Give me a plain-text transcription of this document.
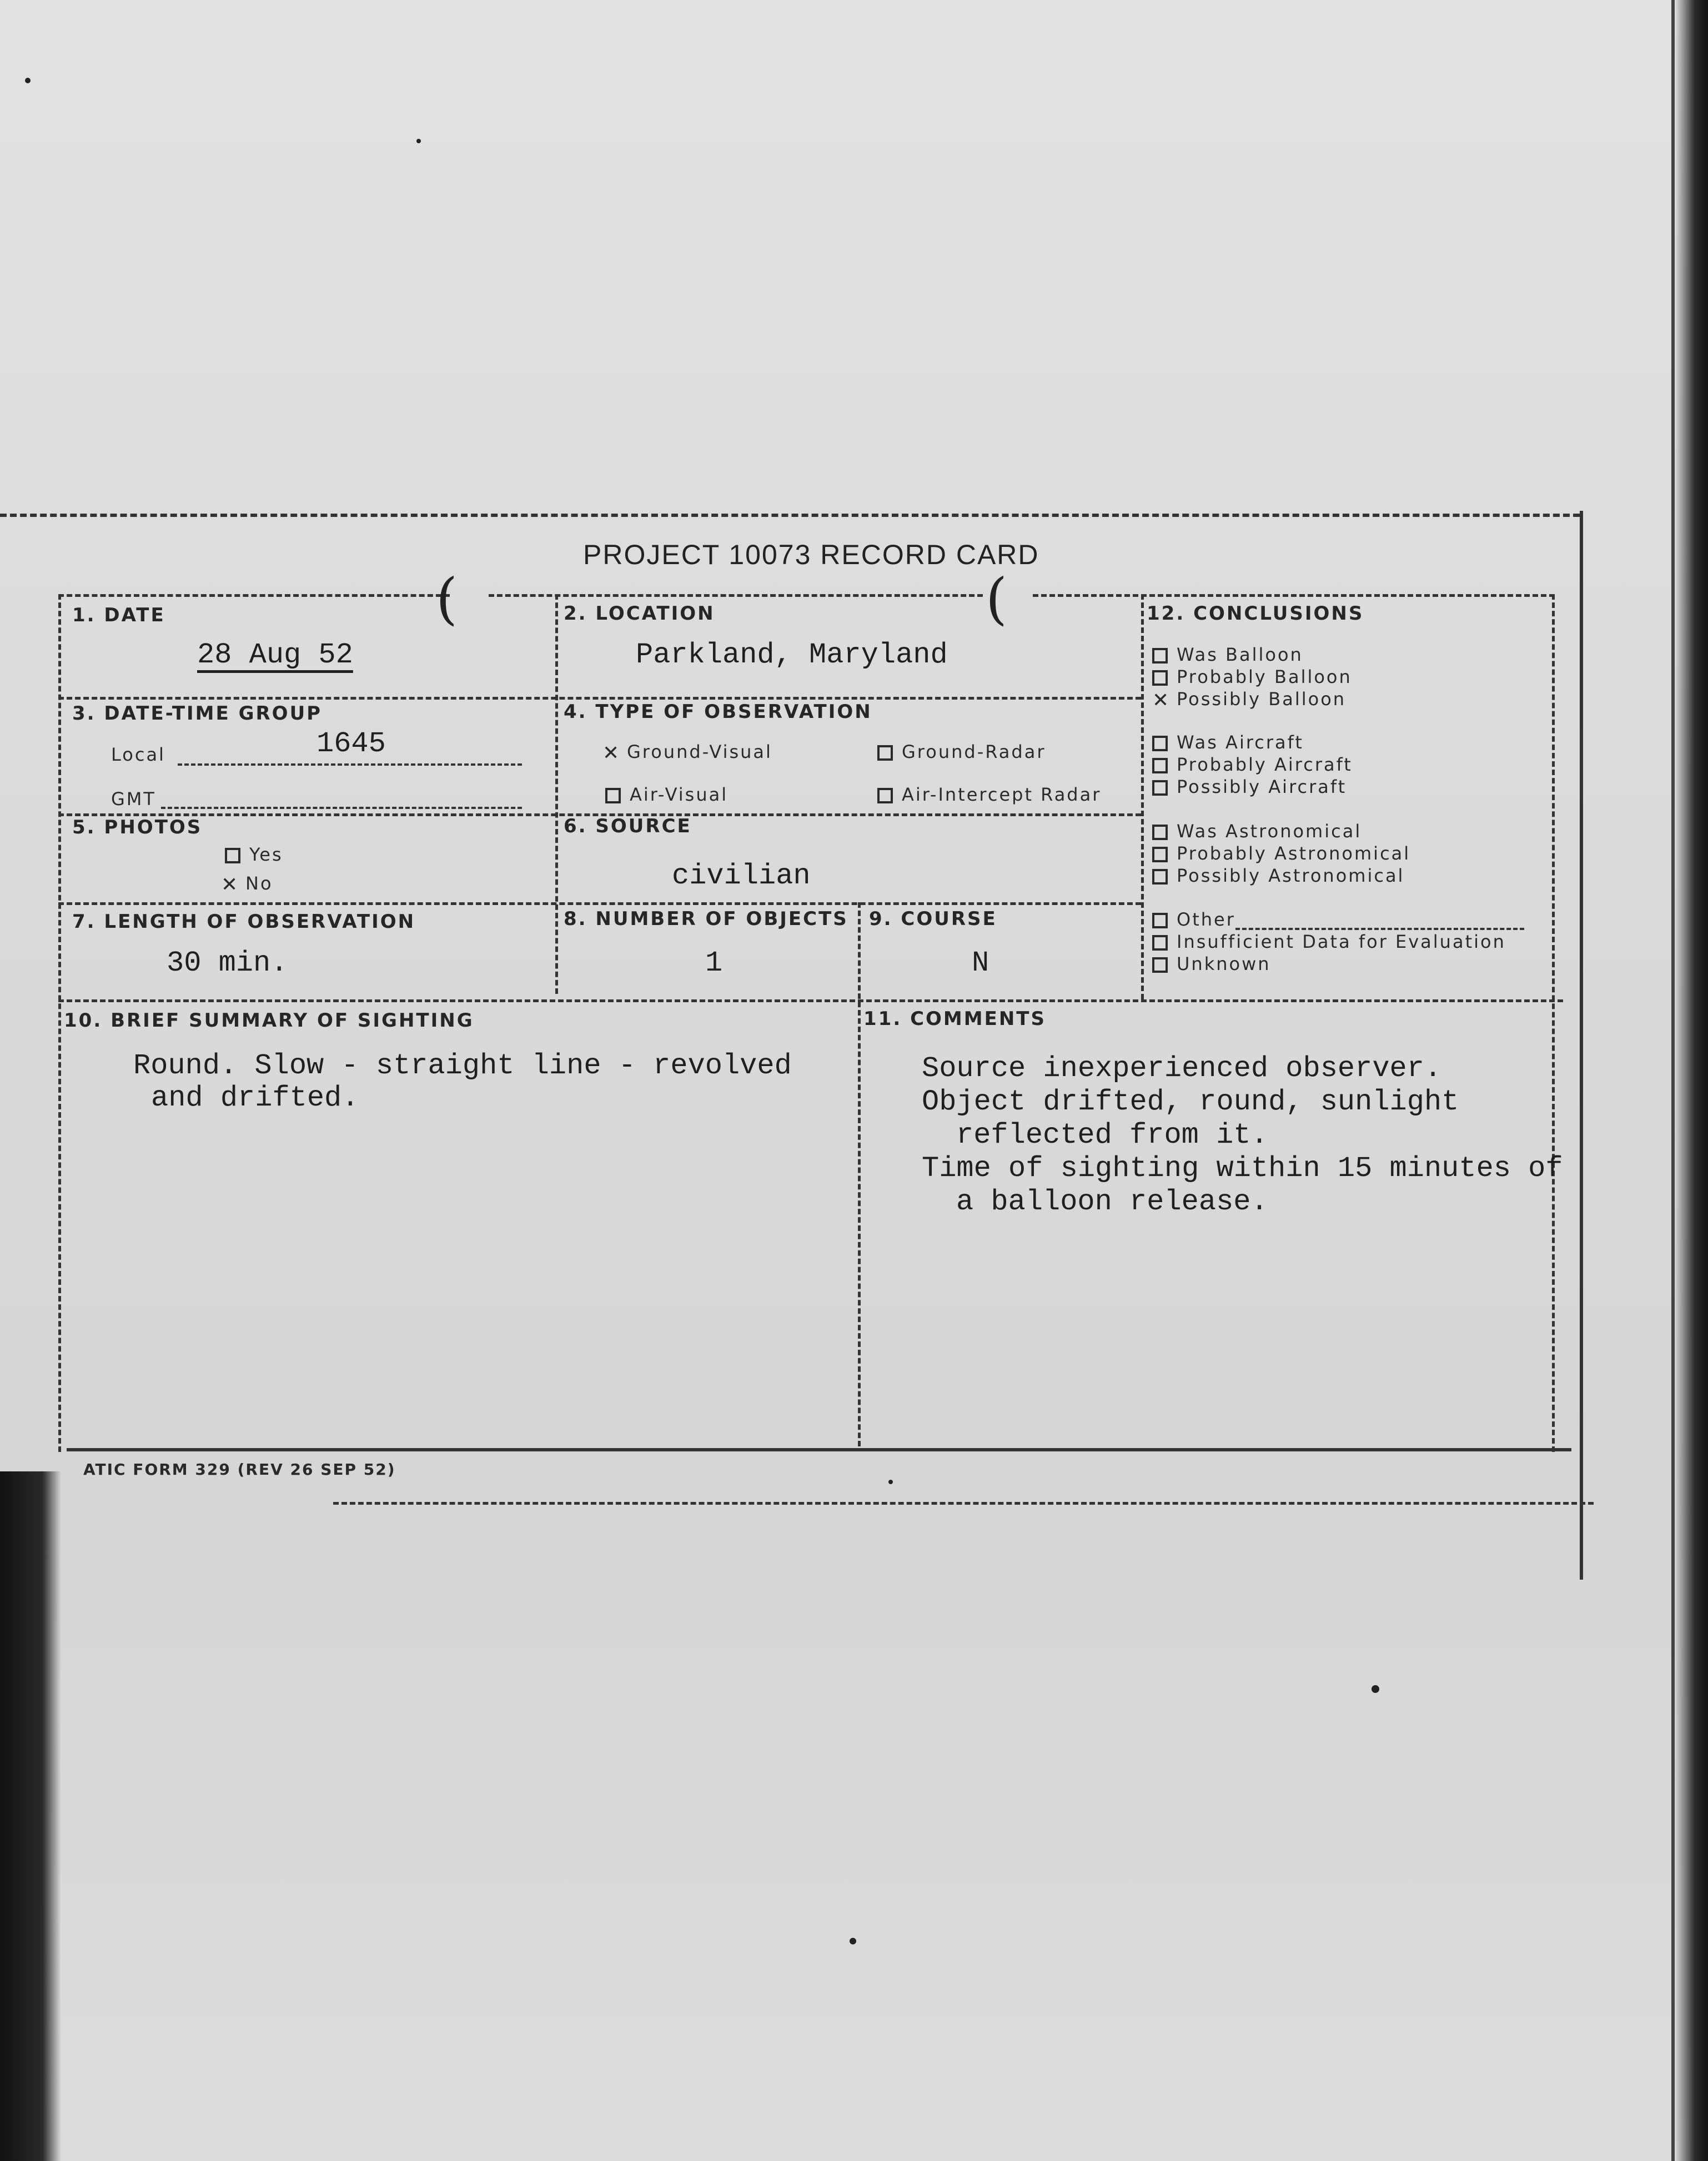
PROJECT 10073 RECORD CARD
(	(
1. DATE
28 Aug 52
2. LOCATION
Parkland, Maryland
3. DATE-TIME GROUP
Local	1645
GMT
4. TYPE OF OBSERVATION
✕ Ground-Visual	Ground-Radar
Air-Visual	Air-Intercept Radar
5. PHOTOS
Yes
✕ No
6. SOURCE
civilian
7. LENGTH OF OBSERVATION
30 min.
8. NUMBER OF OBJECTS
1
9. COURSE
N
10. BRIEF SUMMARY OF SIGHTING
Round. Slow - straight line - revolved
and drifted.
11. COMMENTS
Source inexperienced observer.
Object drifted, round, sunlight
reflected from it.
Time of sighting within 15 minutes of
a balloon release.
12. CONCLUSIONS
Was Balloon
Probably Balloon
✕ Possibly Balloon
Was Aircraft
Probably Aircraft
Possibly Aircraft
Was Astronomical
Probably Astronomical
Possibly Astronomical
Other
Insufficient Data for Evaluation
Unknown
ATIC FORM 329 (REV 26 SEP 52)
